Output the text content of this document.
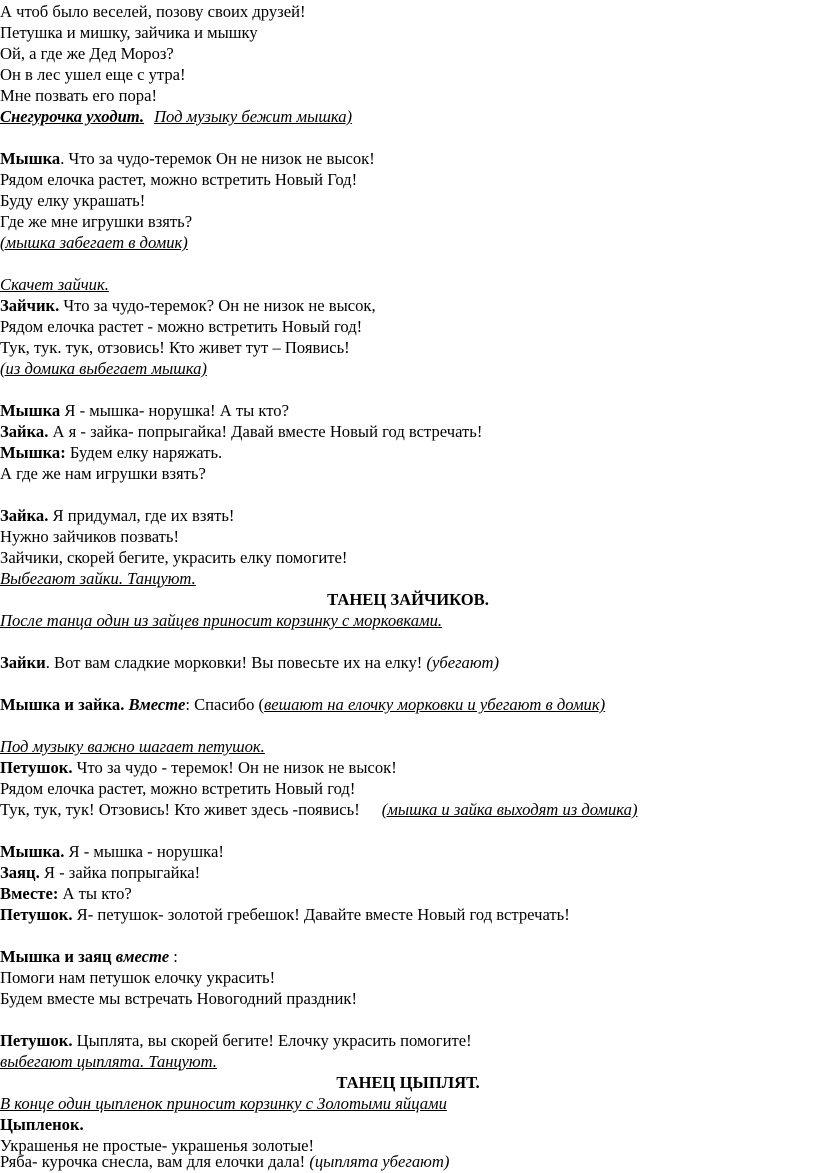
А чтоб было веселей, позову своих друзей!
Петушка и мишку, зайчика и мышку
Ой, а где же Дед Мороз?
Он в лес ушел еще с утра!
Мне позвать его пора!
Снегурочка уходит. Под музыку бежит мышка)
Мышка. Что за чудо-теремок Он не низок не высок!
Рядом елочка растет, можно встретить Новый Год!
Буду елку украшать!
Где же мне игрушки взять?
(мышка забегает в домик)
Скачет зайчик.
Зайчик. Что за чудо-теремок? Он не низок не высок,
Рядом елочка растет - можно встретить Новый год!
Тук, тук. тук, отзовись! Кто живет тут – Появись!
(из домика выбегает мышка)
Мышка Я - мышка- норушка! А ты кто?
Зайка. А я - зайка- попрыгайка! Давай вместе Новый год встречать!
Мышка: Будем елку наряжать.
А где же нам игрушки взять?
Зайка. Я придумал, где их взять!
Нужно зайчиков позвать!
Зайчики, скорей бегите, украсить елку помогите!
Выбегают зайки. Танцуют.
ТАНЕЦ ЗАЙЧИКОВ.
После танца один из зайцев приносит корзинку с морковками.
Зайки. Вот вам сладкие морковки! Вы повесьте их на елку! (убегают)
Мышка и зайка. Вместе: Спасибо (вешают на елочку морковки и убегают в домик)
Под музыку важно шагает петушок.
Петушок. Что за чудо - теремок! Он не низок не высок!
Рядом елочка растет, можно встретить Новый год!
Тук, тук, тук! Отзовись! Кто живет здесь -появись! (мышка и зайка выходят из домика)
Мышка. Я - мышка - норушка!
Заяц. Я - зайка попрыгайка!
Вместе: А ты кто?
Петушок. Я- петушок- золотой гребешок! Давайте вместе Новый год встречать!
Мышка и заяц вместе :
Помоги нам петушок елочку украсить!
Будем вместе мы встречать Новогодний праздник!
Петушок. Цыплята, вы скорей бегите! Елочку украсить помогите!
выбегают цыплята. Танцуют.
ТАНЕЦ ЦЫПЛЯТ.
В конце один цыпленок приносит корзинку с Золотыми яйцами
Цыпленок.
Украшенья не простые- украшенья золотые!
Ряба- курочка снесла, вам для елочки дала! (цыплята убегают)
